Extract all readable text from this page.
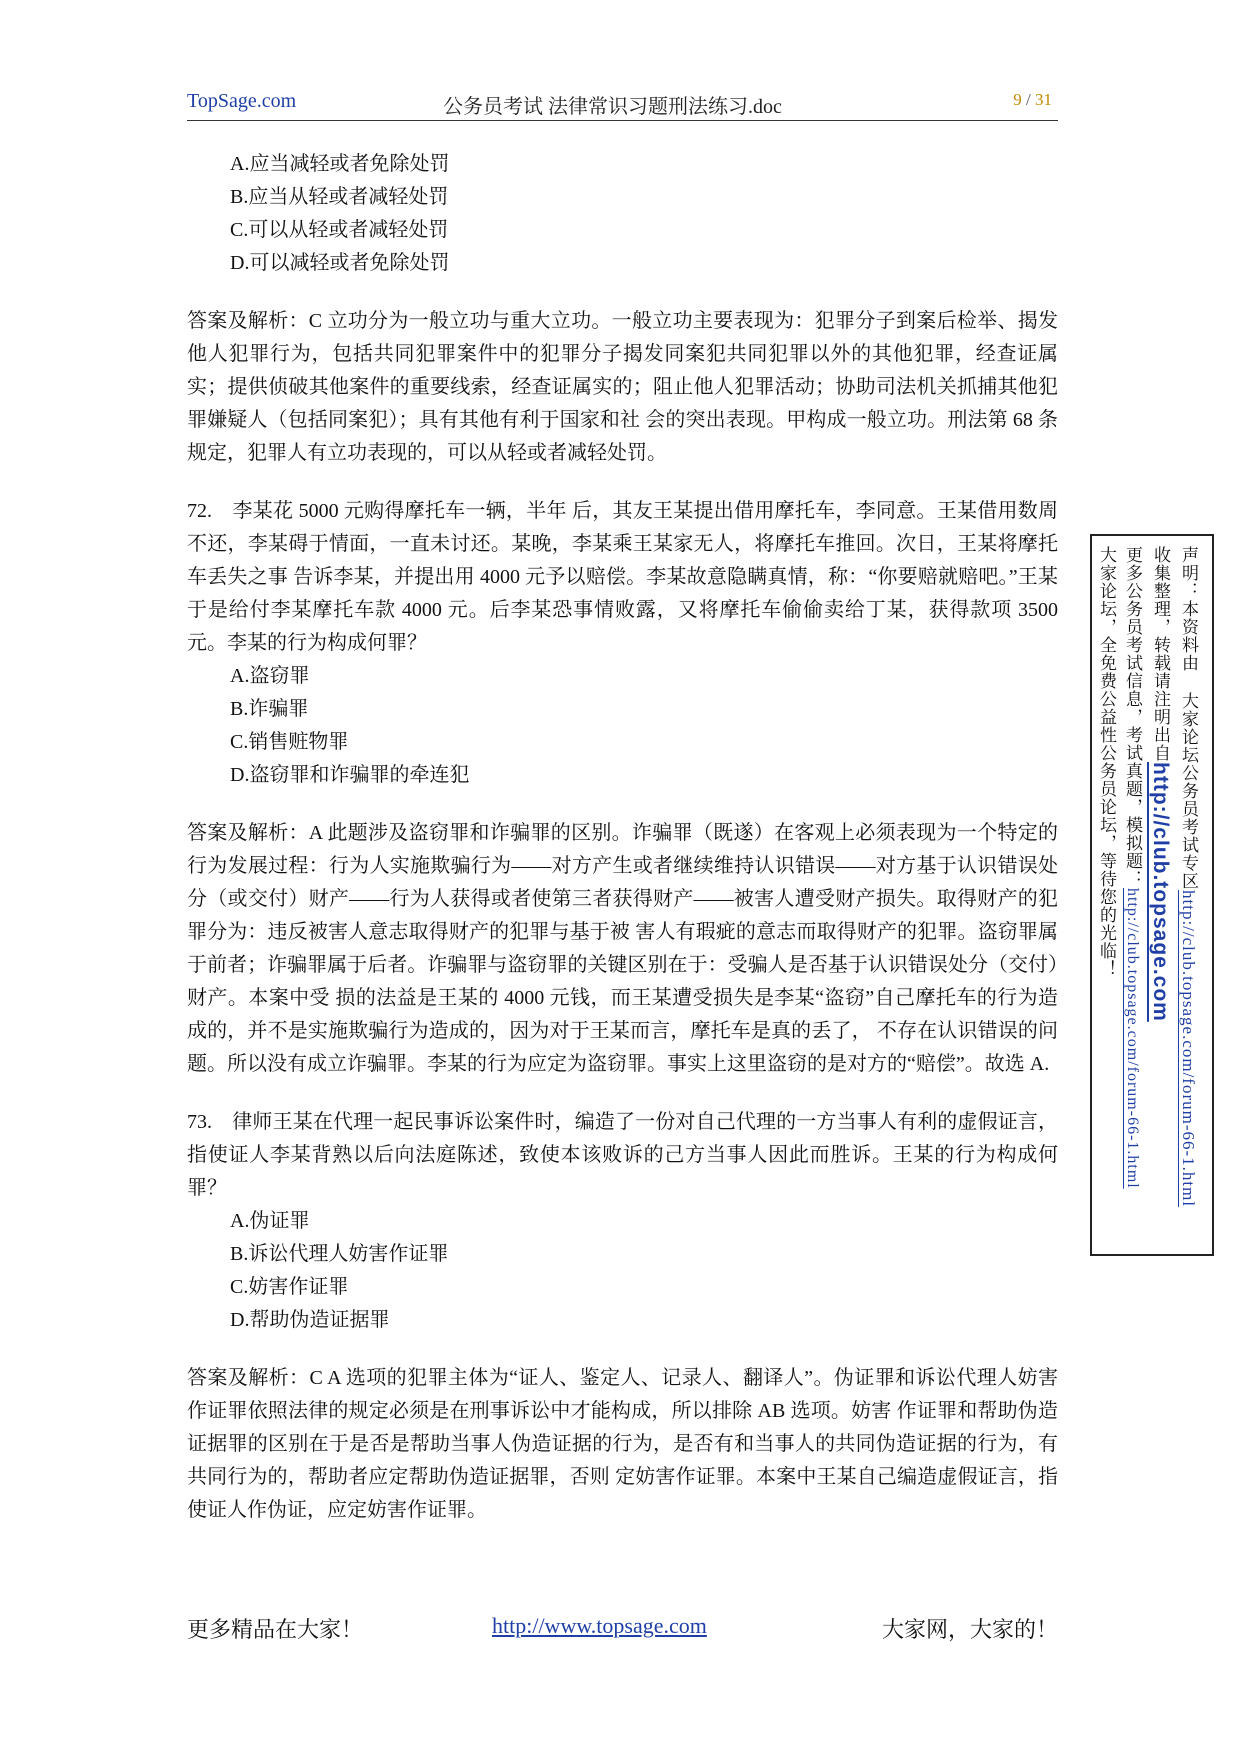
TopSage.com	公务员考试 法律常识习题刑法练习.doc	9 / 31
A.应当减轻或者免除处罚
B.应当从轻或者减轻处罚
C.可以从轻或者减轻处罚
D.可以减轻或者免除处罚
答案及解析：C 立功分为一般立功与重大立功。一般立功主要表现为：犯罪分子到案后检举、揭发他人犯罪行为，包括共同犯罪案件中的犯罪分子揭发同案犯共同犯罪以外的其他犯罪，经查证属实；提供侦破其他案件的重要线索，经查证属实的；阻止他人犯罪活动；协助司法机关抓捕其他犯罪嫌疑人（包括同案犯）；具有其他有利于国家和社 会的突出表现。甲构成一般立功。刑法第 68 条规定，犯罪人有立功表现的，可以从轻或者减轻处罚。
72.　李某花 5000 元购得摩托车一辆，半年 后，其友王某提出借用摩托车，李同意。王某借用数周不还，李某碍于情面，一直未讨还。某晚，李某乘王某家无人，将摩托车推回。次日，王某将摩托车丢失之事 告诉李某，并提出用 4000 元予以赔偿。李某故意隐瞒真情，称：“你要赔就赔吧。”王某于是给付李某摩托车款 4000 元。后李某恐事情败露，又将摩托车偷偷卖给丁某，获得款项 3500 元。李某的行为构成何罪？
A.盗窃罪
B.诈骗罪
C.销售赃物罪
D.盗窃罪和诈骗罪的牵连犯
答案及解析：A 此题涉及盗窃罪和诈骗罪的区别。诈骗罪（既遂）在客观上必须表现为一个特定的行为发展过程：行为人实施欺骗行为——对方产生或者继续维持认识错误——对方基于认识错误处分（或交付）财产——行为人获得或者使第三者获得财产——被害人遭受财产损失。取得财产的犯罪分为：违反被害人意志取得财产的犯罪与基于被 害人有瑕疵的意志而取得财产的犯罪。盗窃罪属于前者；诈骗罪属于后者。诈骗罪与盗窃罪的关键区别在于：受骗人是否基于认识错误处分（交付）财产。本案中受 损的法益是王某的 4000 元钱，而王某遭受损失是李某“盗窃”自己摩托车的行为造成的，并不是实施欺骗行为造成的，因为对于王某而言，摩托车是真的丢了， 不存在认识错误的问题。所以没有成立诈骗罪。李某的行为应定为盗窃罪。事实上这里盗窃的是对方的“赔偿”。故选 A.
73.　律师王某在代理一起民事诉讼案件时，编造了一份对自己代理的一方当事人有利的虚假证言，指使证人李某背熟以后向法庭陈述，致使本该败诉的己方当事人因此而胜诉。王某的行为构成何罪？
A.伪证罪
B.诉讼代理人妨害作证罪
C.妨害作证罪
D.帮助伪造证据罪
答案及解析：C A 选项的犯罪主体为“证人、鉴定人、记录人、翻译人”。伪证罪和诉讼代理人妨害作证罪依照法律的规定必须是在刑事诉讼中才能构成，所以排除 AB 选项。妨害 作证罪和帮助伪造证据罪的区别在于是否是帮助当事人伪造证据的行为，是否有和当事人的共同伪造证据的行为，有共同行为的，帮助者应定帮助伪造证据罪，否则 定妨害作证罪。本案中王某自己编造虚假证言，指使证人作伪证，应定妨害作证罪。
声明：本资料由 大家论坛公务员考试专区http://club.topsage.com/forum-66-1.html
收集整理，转载请注明出自http://club.topsage.com
更多公务员考试信息，考试真题，模拟题：http://club.topsage.com/forum-66-1.html
大家论坛，全免费公益性公务员论坛，等待您的光临！
更多精品在大家！	http://www.topsage.com	大家网，大家的！
